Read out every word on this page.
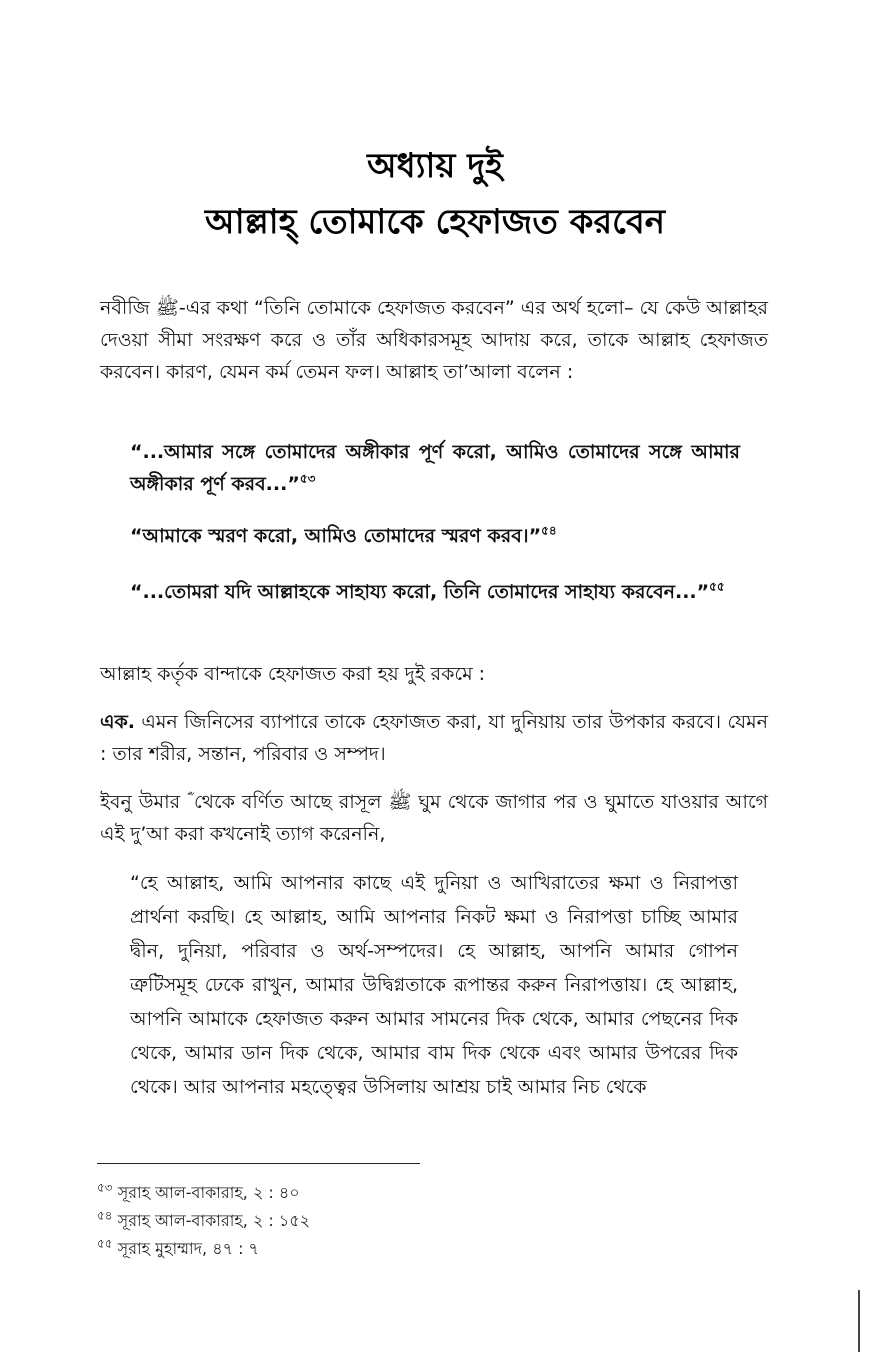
অধ্যায় দুই
আল্লাহ্ তোমাকে হেফাজত করবেন

নবীজি ﷺ-এর কথা “তিনি তোমাকে হেফাজত করবেন” এর অর্থ হলো– যে কেউ আল্লাহর দেওয়া সীমা সংরক্ষণ করে ও তাঁর অধিকারসমূহ আদায় করে, তাকে আল্লাহ হেফাজত করবেন। কারণ, যেমন কর্ম তেমন ফল। আল্লাহ তা’আলা বলেন :

“...আমার সঙ্গে তোমাদের অঙ্গীকার পূর্ণ করো, আমিও তোমাদের সঙ্গে আমার অঙ্গীকার পূর্ণ করব...”$^{৫৩}$

“আমাকে স্মরণ করো, আমিও তোমাদের স্মরণ করব।”$^{৫৪}$

“...তোমরা যদি আল্লাহকে সাহায্য করো, তিনি তোমাদের সাহায্য করবেন...”$^{৫৫}$

আল্লাহ কর্তৃক বান্দাকে হেফাজত করা হয় দুই রকমে :

এক. এমন জিনিসের ব্যাপারে তাকে হেফাজত করা, যা দুনিয়ায় তার উপকার করবে। যেমন : তার শরীর, সন্তান, পরিবার ও সম্পদ।

ইবনু উমার ؓ থেকে বর্ণিত আছে রাসূল ﷺ ঘুম থেকে জাগার পর ও ঘুমাতে যাওয়ার আগে এই দু’আ করা কখনোই ত্যাগ করেননি,

“হে আল্লাহ, আমি আপনার কাছে এই দুনিয়া ও আখিরাতের ক্ষমা ও নিরাপত্তা প্রার্থনা করছি। হে আল্লাহ, আমি আপনার নিকট ক্ষমা ও নিরাপত্তা চাচ্ছি আমার দ্বীন, দুনিয়া, পরিবার ও অর্থ-সম্পদের। হে আল্লাহ, আপনি আমার গোপন ত্রুটিসমূহ ঢেকে রাখুন, আমার উদ্বিগ্নতাকে রূপান্তর করুন নিরাপত্তায়। হে আল্লাহ, আপনি আমাকে হেফাজত করুন আমার সামনের দিক থেকে, আমার পেছনের দিক থেকে, আমার ডান দিক থেকে, আমার বাম দিক থেকে এবং আমার উপরের দিক থেকে। আর আপনার মহত্ত্বের উসিলায় আশ্রয় চাই আমার নিচ থেকে

$^{৫৩}$ সূরাহ আল-বাকারাহ, ২ : ৪০
$^{৫৪}$ সূরাহ আল-বাকারাহ, ২ : ১৫২
$^{৫৫}$ সূরাহ মুহাম্মাদ, ৪৭ : ৭
